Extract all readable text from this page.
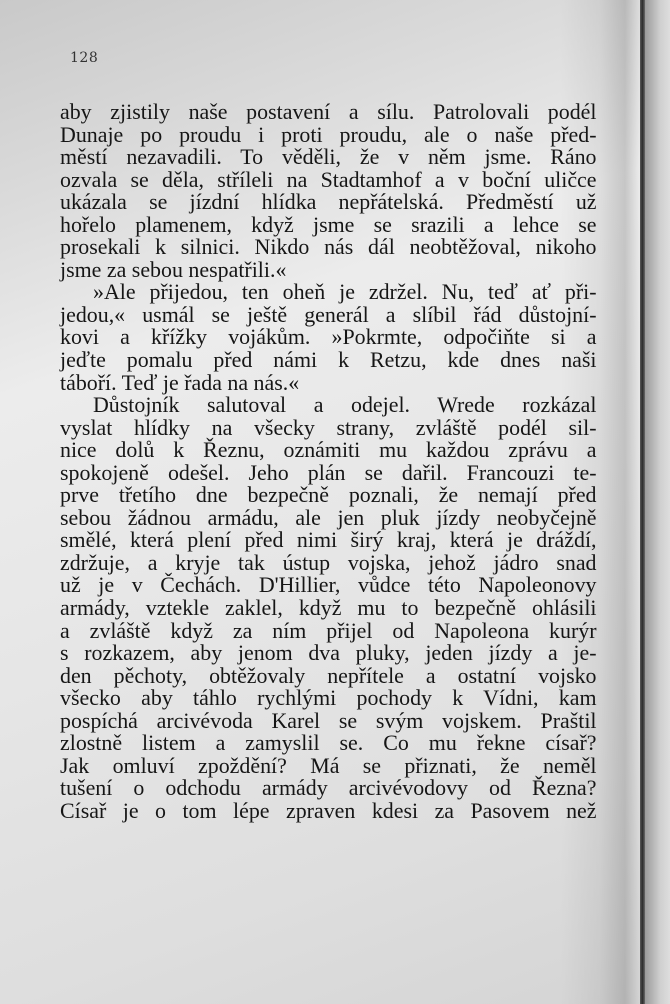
128
aby zjistily naše postavení a sílu. Patrolovali podél
Dunaje po proudu i proti proudu, ale o naše před-
městí nezavadili. To věděli, že v něm jsme. Ráno
ozvala se děla, stříleli na Stadtamhof a v boční uličce
ukázala se jízdní hlídka nepřátelská. Předměstí už
hořelo plamenem, když jsme se srazili a lehce se
prosekali k silnici. Nikdo nás dál neobtěžoval, nikoho
jsme za sebou nespatřili.«
»Ale přijedou, ten oheň je zdržel. Nu, teď ať při-
jedou,« usmál se ještě generál a slíbil řád důstojní-
kovi a křížky vojákům. »Pokrmte, odpočiňte si a
jeďte pomalu před námi k Retzu, kde dnes naši
táboří. Teď je řada na nás.«
Důstojník salutoval a odejel. Wrede rozkázal
vyslat hlídky na všecky strany, zvláště podél sil-
nice dolů k Řeznu, oznámiti mu každou zprávu a
spokojeně odešel. Jeho plán se dařil. Francouzi te-
prve třetího dne bezpečně poznali, že nemají před
sebou žádnou armádu, ale jen pluk jízdy neobyčejně
smělé, která plení před nimi širý kraj, která je dráždí,
zdržuje, a kryje tak ústup vojska, jehož jádro snad
už je v Čechách. D'Hillier, vůdce této Napoleonovy
armády, vztekle zaklel, když mu to bezpečně ohlásili
a zvláště když za ním přijel od Napoleona kurýr
s rozkazem, aby jenom dva pluky, jeden jízdy a je-
den pěchoty, obtěžovaly nepřítele a ostatní vojsko
všecko aby táhlo rychlými pochody k Vídni, kam
pospíchá arcivévoda Karel se svým vojskem. Praštil
zlostně listem a zamyslil se. Co mu řekne císař?
Jak omluví zpoždění? Má se přiznati, že neměl
tušení o odchodu armády arcivévodovy od Řezna?
Císař je o tom lépe zpraven kdesi za Pasovem než
